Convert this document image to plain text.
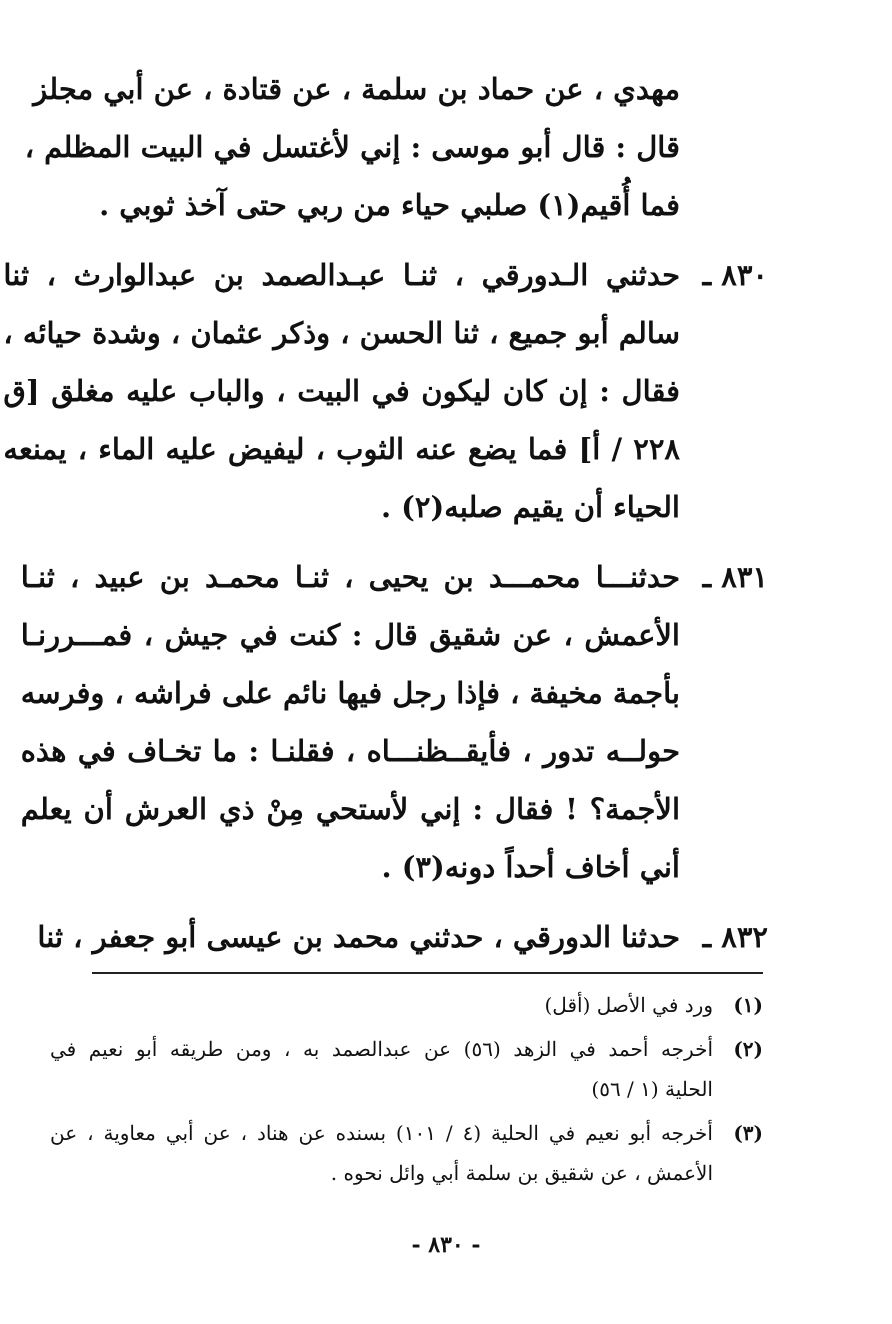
مهدي ، عن حماد بن سلمة ، عن قتادة ، عن أبي مجلز
قال : قال أبو موسى : إني لأغتسل في البيت المظلم ،
فما أُقيم(١) صلبي حياء من ربي حتى آخذ ثوبي .
٨٣٠ ـ
حدثني الـدورقي ، ثنـا عبـدالصمد بن عبدالوارث ، ثنا
سالم أبو جميع ، ثنا الحسن ، وذكر عثمان ، وشدة حيائه ،
فقال : إن كان ليكون في البيت ، والباب عليه مغلق [ق
٢٢٨ / أ] فما يضع عنه الثوب ، ليفيض عليه الماء ، يمنعه
الحياء أن يقيم صلبه(٢) .
٨٣١ ـ
حدثنـــا محمـــد بن يحيى ، ثنـا محمـد بن عبيد ، ثنـا
الأعمش ، عن شقيق قال : كنت في جيش ، فمـــررنـا
بأجمة مخيفة ، فإذا رجل فيها نائم على فراشه ، وفرسه
حولــه تدور ، فأيقــظنـــاه ، فقلنـا : ما تخـاف في هذه
الأجمة؟ ! فقال : إني لأستحي مِنْ ذي العرش أن يعلم
أني أخاف أحداً دونه(٣) .
٨٣٢ ـ
حدثنا الدورقي ، حدثني محمد بن عيسى أبو جعفر ، ثنا
(١)
ورد في الأصل (أقل)
(٢)
أخرجه أحمد في الزهد (٥٦) عن عبدالصمد به ، ومن طريقه أبو نعيم في
الحلية (١ / ٥٦)
(٣)
أخرجه أبو نعيم في الحلية (٤ / ١٠١) بسنده عن هناد ، عن أبي معاوية ، عن
الأعمش ، عن شقيق بن سلمة أبي وائل نحوه .
- ٨٣٠ -
